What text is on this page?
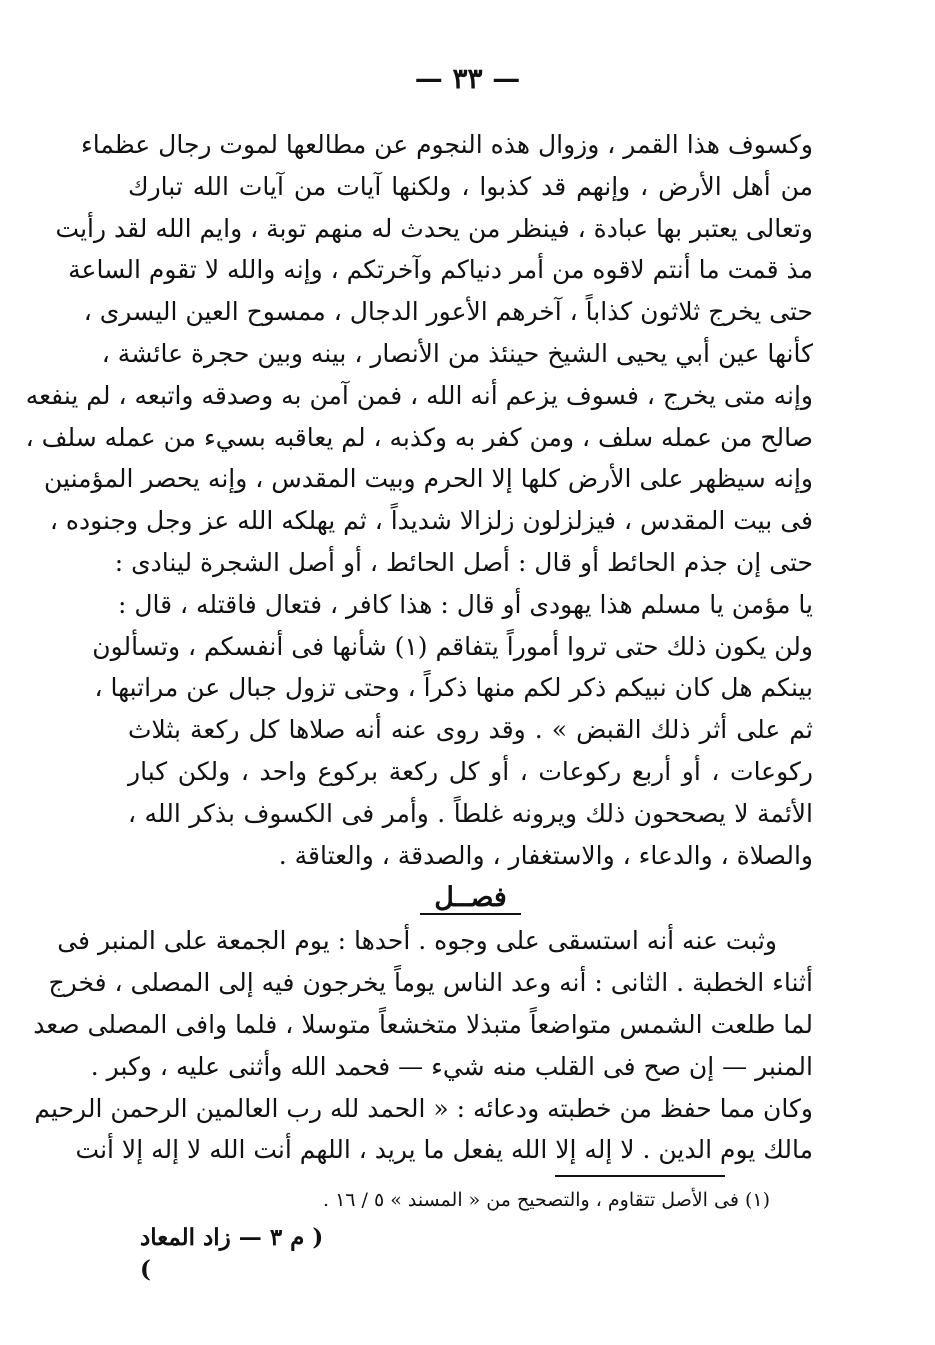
— ٣٣ —
وكسوف هذا القمر ، وزوال هذه النجوم عن مطالعها لموت رجال عظماء
من أهل الأرض ، وإنهم قد كذبوا ، ولكنها آيات من آيات الله تبارك
وتعالى يعتبر بها عبادة ، فينظر من يحدث له منهم توبة ، وايم الله لقد رأيت
مذ قمت ما أنتم لاقوه من أمر دنياكم وآخرتكم ، وإنه والله لا تقوم الساعة
حتى يخرج ثلاثون كذاباً ، آخرهم الأعور الدجال ، ممسوح العين اليسرى ،
كأنها عين أبي يحيى الشيخ حينئذ من الأنصار ، بينه وبين حجرة عائشة ،
وإنه متى يخرج ، فسوف يزعم أنه الله ، فمن آمن به وصدقه واتبعه ، لم ينفعه
صالح من عمله سلف ، ومن كفر به وكذبه ، لم يعاقبه بسيء من عمله سلف ،
وإنه سيظهر على الأرض كلها إلا الحرم وبيت المقدس ، وإنه يحصر المؤمنين
فى بيت المقدس ، فيزلزلون زلزالا شديداً ، ثم يهلكه الله عز وجل وجنوده ،
حتى إن جذم الحائط أو قال : أصل الحائط ، أو أصل الشجرة لينادى :
يا مؤمن يا مسلم هذا يهودى أو قال : هذا كافر ، فتعال فاقتله ، قال :
ولن يكون ذلك حتى تروا أموراً يتفاقم (١) شأنها فى أنفسكم ، وتسألون
بينكم هل كان نبيكم ذكر لكم منها ذكراً ، وحتى تزول جبال عن مراتبها ،
ثم على أثر ذلك القبض » . وقد روى عنه أنه صلاها كل ركعة بثلاث
ركوعات ، أو أربع ركوعات ، أو كل ركعة بركوع واحد ، ولكن كبار
الأئمة لا يصححون ذلك ويرونه غلطاً . وأمر فى الكسوف بذكر الله ،
والصلاة ، والدعاء ، والاستغفار ، والصدقة ، والعتاقة .
فصــل
وثبت عنه أنه استسقى على وجوه . أحدها : يوم الجمعة على المنبر فى
أثناء الخطبة . الثانى : أنه وعد الناس يوماً يخرجون فيه إلى المصلى ، فخرج
لما طلعت الشمس متواضعاً متبذلا متخشعاً متوسلا ، فلما وافى المصلى صعد
المنبر — إن صح فى القلب منه شيء — فحمد الله وأثنى عليه ، وكبر .
وكان مما حفظ من خطبته ودعائه : « الحمد لله رب العالمين الرحمن الرحيم
مالك يوم الدين . لا إله إلا الله يفعل ما يريد ، اللهم أنت الله لا إله إلا أنت
(١) فى الأصل تتقاوم ، والتصحيح من « المسند » ٥ / ١٦ .
( م ٣ — زاد المعاد )
